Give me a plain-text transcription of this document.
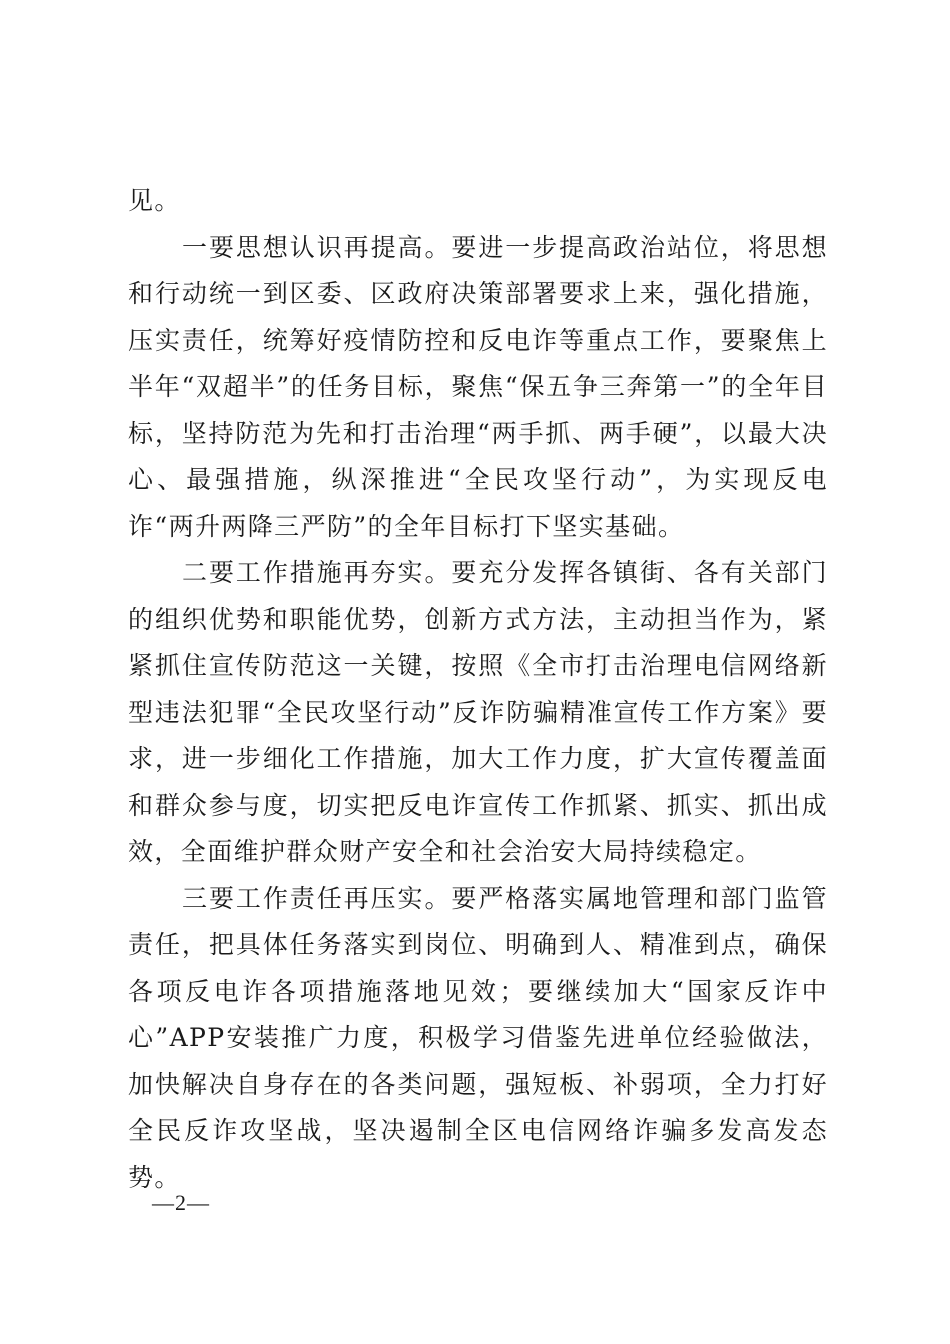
见。

一要思想认识再提高。要进一步提高政治站位，将思想和行动统一到区委、区政府决策部署要求上来，强化措施，压实责任，统筹好疫情防控和反电诈等重点工作，要聚焦上半年“双超半”的任务目标，聚焦“保五争三奔第一”的全年目标，坚持防范为先和打击治理“两手抓、两手硬”，以最大决心、最强措施，纵深推进“全民攻坚行动”，为实现反电诈“两升两降三严防”的全年目标打下坚实基础。

二要工作措施再夯实。要充分发挥各镇街、各有关部门的组织优势和职能优势，创新方式方法，主动担当作为，紧紧抓住宣传防范这一关键，按照《全市打击治理电信网络新型违法犯罪“全民攻坚行动”反诈防骗精准宣传工作方案》要求，进一步细化工作措施，加大工作力度，扩大宣传覆盖面和群众参与度，切实把反电诈宣传工作抓紧、抓实、抓出成效，全面维护群众财产安全和社会治安大局持续稳定。

三要工作责任再压实。要严格落实属地管理和部门监管责任，把具体任务落实到岗位、明确到人、精准到点，确保各项反电诈各项措施落地见效；要继续加大“国家反诈中心”APP安装推广力度，积极学习借鉴先进单位经验做法，加快解决自身存在的各类问题，强短板、补弱项，全力打好全民反诈攻坚战，坚决遏制全区电信网络诈骗多发高发态势。

—2—
